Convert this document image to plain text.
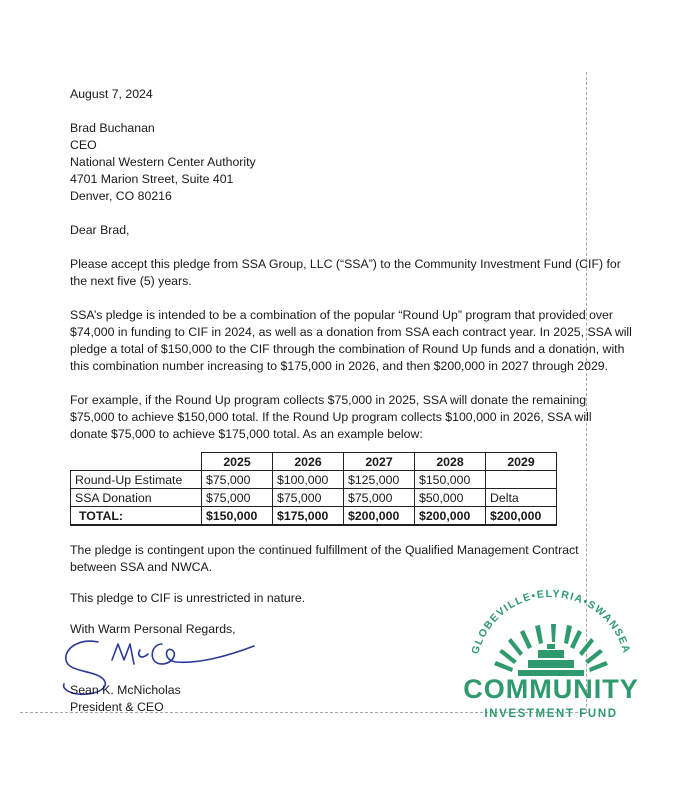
August 7, 2024
Brad Buchanan
CEO
National Western Center Authority
4701 Marion Street, Suite 401
Denver, CO 80216
Dear Brad,
Please accept this pledge from SSA Group, LLC (“SSA”) to the Community Investment Fund (CIF) for
the next five (5) years.
SSA’s pledge is intended to be a combination of the popular “Round Up” program that provided over
$74,000 in funding to CIF in 2024, as well as a donation from SSA each contract year. In 2025, SSA will
pledge a total of $150,000 to the CIF through the combination of Round Up funds and a donation, with
this combination number increasing to $175,000 in 2026, and then $200,000 in 2027 through 2029.
For example, if the Round Up program collects $75,000 in 2025, SSA will donate the remaining
$75,000 to achieve $150,000 total. If the Round Up program collects $100,000 in 2026, SSA will
donate $75,000 to achieve $175,000 total. As an example below:
	2025	2026	2027	2028	2029
Round-Up Estimate	$75,000	$100,000	$125,000	$150,000	
SSA Donation	$75,000	$75,000	$75,000	$50,000	Delta
TOTAL:	$150,000	$175,000	$200,000	$200,000	$200,000
The pledge is contingent upon the continued fulfillment of the Qualified Management Contract
between SSA and NWCA.
This pledge to CIF is unrestricted in nature.
With Warm Personal Regards,
Sean K. McNicholas
President & CEO
GLOBEVILLE•ELYRIA•SWANSEA
COMMUNITY
INVESTMENT FUND
